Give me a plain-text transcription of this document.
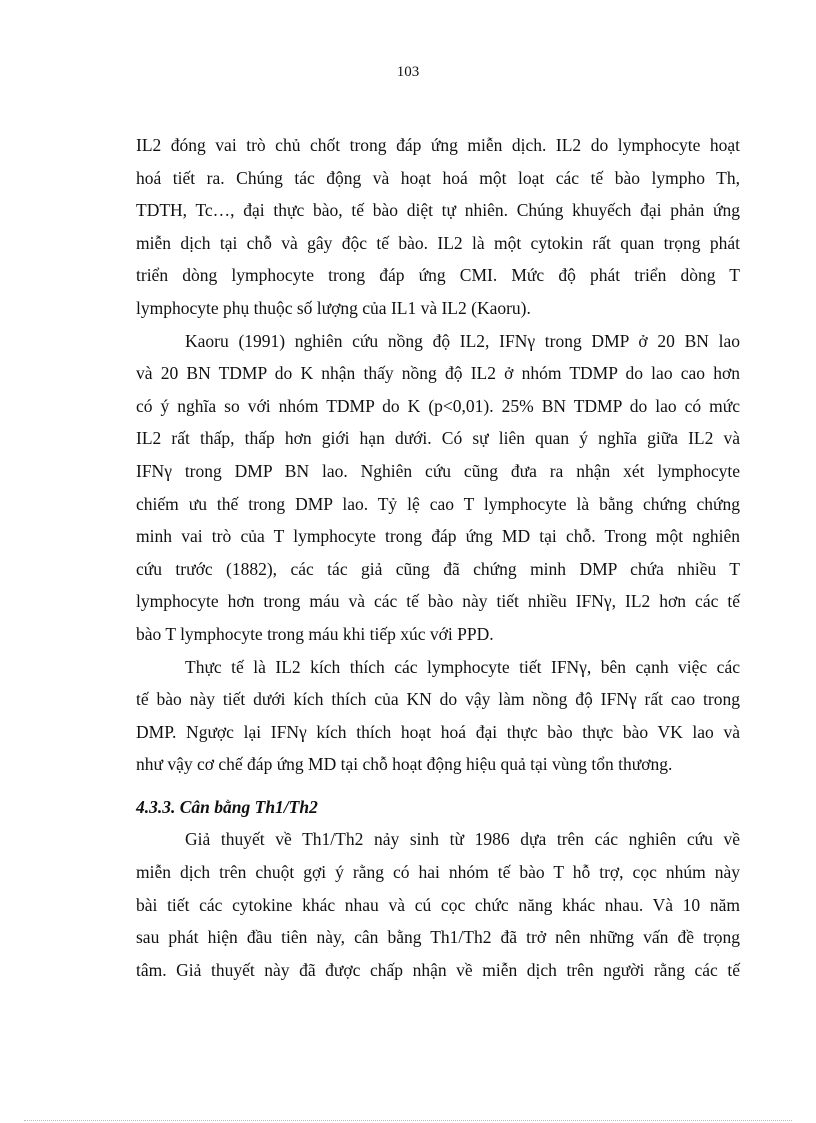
103
IL2 đóng vai trò chủ chốt trong đáp ứng miễn dịch. IL2 do lymphocyte hoạt
hoá tiết ra. Chúng tác động và hoạt hoá một loạt các tế bào lympho Th,
TDTH, Tc…, đại thực bào, tế bào diệt tự nhiên. Chúng khuyếch đại phản ứng
miễn dịch tại chỗ và gây độc tế bào. IL2 là một cytokin rất quan trọng phát
triển dòng lymphocyte trong đáp ứng CMI. Mức độ phát triển dòng T
lymphocyte phụ thuộc số lượng của IL1 và IL2 (Kaoru).
Kaoru (1991) nghiên cứu nồng độ IL2, IFNγ trong DMP ở 20 BN lao
và 20 BN TDMP do K nhận thấy nồng độ IL2 ở nhóm TDMP do lao cao hơn
có ý nghĩa so với nhóm TDMP do K (p<0,01). 25% BN TDMP do lao có mức
IL2 rất thấp, thấp hơn giới hạn dưới. Có sự liên quan ý nghĩa giữa IL2 và
IFNγ trong DMP BN lao. Nghiên cứu cũng đưa ra nhận xét lymphocyte
chiếm ưu thế trong DMP lao. Tỷ lệ cao T lymphocyte là bằng chứng chứng
minh vai trò của T lymphocyte trong đáp ứng MD tại chỗ. Trong một nghiên
cứu trước (1882), các tác giả cũng đã chứng minh DMP chứa nhiều T
lymphocyte hơn trong máu và các tế bào này tiết nhiều IFNγ, IL2 hơn các tế
bào T lymphocyte trong máu khi tiếp xúc với PPD.
Thực tế là IL2 kích thích các lymphocyte tiết IFNγ, bên cạnh việc các
tế bào này tiết dưới kích thích của KN do vậy làm nồng độ IFNγ rất cao trong
DMP. Ngược lại IFNγ kích thích hoạt hoá đại thực bào thực bào VK lao và
như vậy cơ chế đáp ứng MD tại chỗ hoạt động hiệu quả tại vùng tổn thương.
4.3.3. Cân bằng Th1/Th2
Giả thuyết về Th1/Th2 nảy sinh từ 1986 dựa trên các nghiên cứu về
miễn dịch trên chuột gợi ý rằng có hai nhóm tế bào T hỗ trợ, cọc nhúm này
bài tiết các cytokine khác nhau và cú cọc chức năng khác nhau. Và 10 năm
sau phát hiện đầu tiên này, cân bằng Th1/Th2 đã trở nên những vấn đề trọng
tâm. Giả thuyết này đã được chấp nhận về miễn dịch trên người rằng các tế
